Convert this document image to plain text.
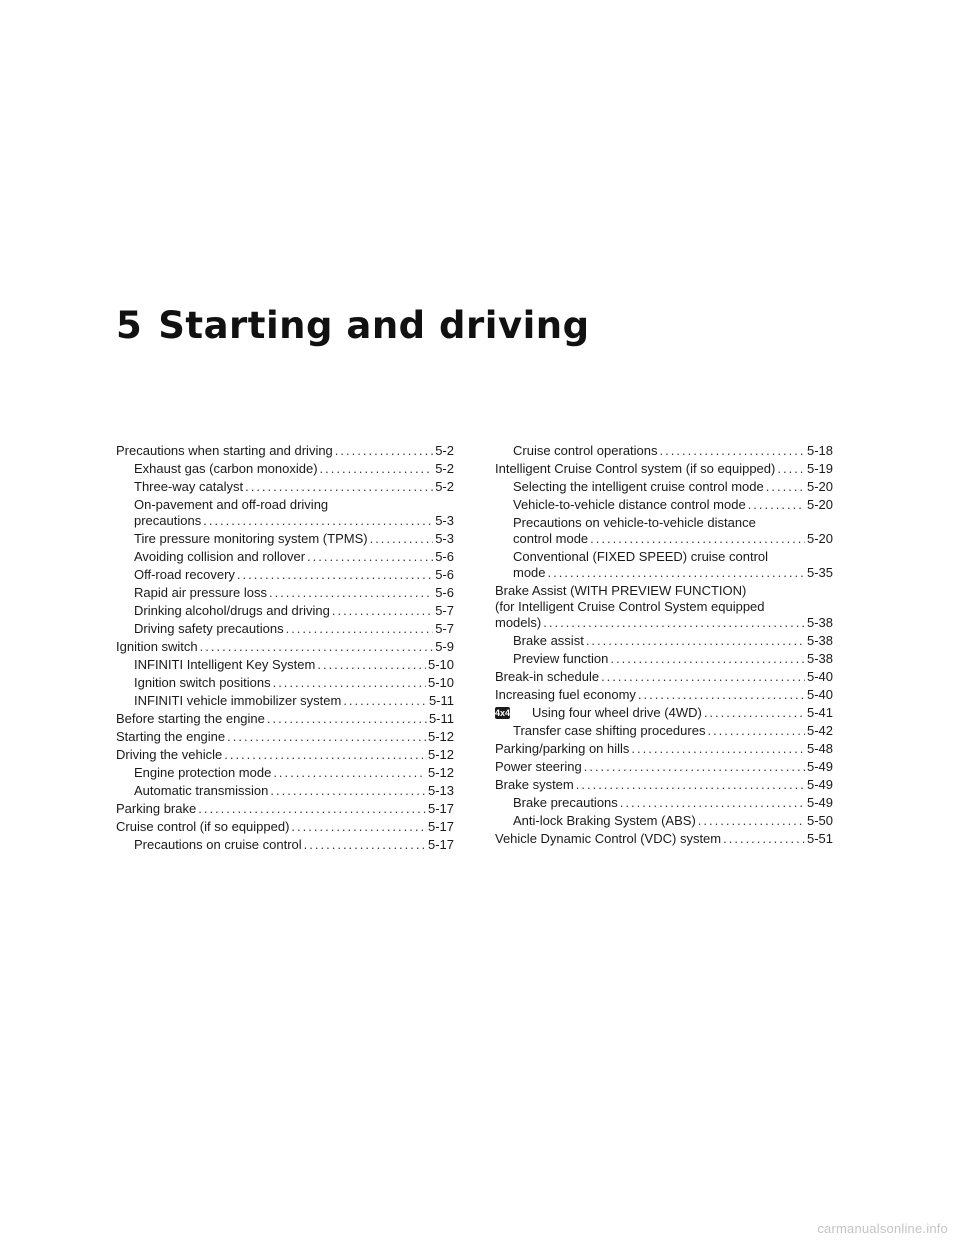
5 Starting and driving
Precautions when starting and driving .....	5-2
Exhaust gas (carbon monoxide) .....	5-2
Three-way catalyst .....	5-2
On-pavement and off-road driving
precautions .....	5-3
Tire pressure monitoring system (TPMS) .....	5-3
Avoiding collision and rollover .....	5-6
Off-road recovery .....	5-6
Rapid air pressure loss .....	5-6
Drinking alcohol/drugs and driving .....	5-7
Driving safety precautions .....	5-7
Ignition switch .....	5-9
INFINITI Intelligent Key System .....	5-10
Ignition switch positions .....	5-10
INFINITI vehicle immobilizer system .....	5-11
Before starting the engine .....	5-11
Starting the engine .....	5-12
Driving the vehicle .....	5-12
Engine protection mode .....	5-12
Automatic transmission .....	5-13
Parking brake .....	5-17
Cruise control (if so equipped) .....	5-17
Precautions on cruise control .....	5-17
Cruise control operations .....	5-18
Intelligent Cruise Control system (if so equipped) ..... 5-19
Selecting the intelligent cruise control mode .....	5-20
Vehicle-to-vehicle distance control mode .....	5-20
Precautions on vehicle-to-vehicle distance
control mode .....	5-20
Conventional (FIXED SPEED) cruise control
mode .....	5-35
Brake Assist (WITH PREVIEW FUNCTION)
(for Intelligent Cruise Control System equipped
models) .....	5-38
Brake assist .....	5-38
Preview function .....	5-38
Break-in schedule .....	5-40
Increasing fuel economy .....	5-40
4x4 Using four wheel drive (4WD) .....	5-41
Transfer case shifting procedures .....	5-42
Parking/parking on hills .....	5-48
Power steering .....	5-49
Brake system .....	5-49
Brake precautions .....	5-49
Anti-lock Braking System (ABS) .....	5-50
Vehicle Dynamic Control (VDC) system .....	5-51
carmanualsonline.info
